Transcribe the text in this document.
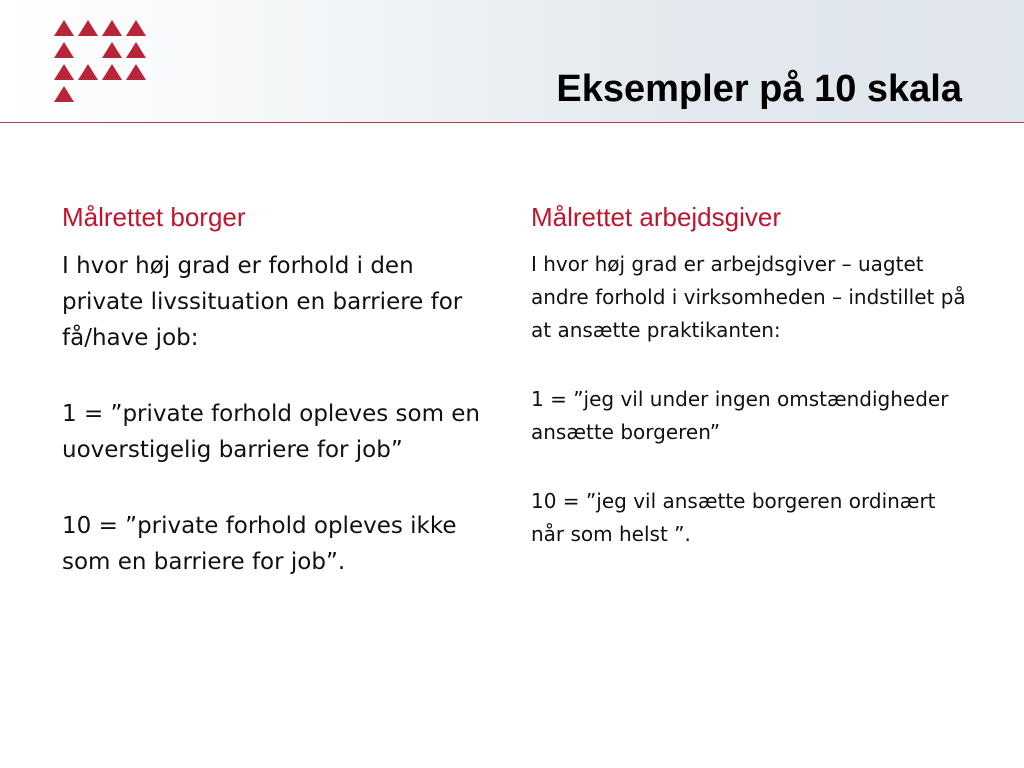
Eksempler på 10 skala
Målrettet borger

I hvor høj grad er forhold i den private livssituation en barriere for få/have job:

1 = ”private forhold opleves som en uoverstigelig barriere for job”

10 = ”private forhold opleves ikke som en barriere for job”.

Målrettet arbejdsgiver

I hvor høj grad er arbejdsgiver – uagtet andre forhold i virksomheden – indstillet på at ansætte praktikanten:

1 = ”jeg vil under ingen omstændigheder ansætte borgeren”

10 = ”jeg vil ansætte borgeren ordinært når som helst ”.
